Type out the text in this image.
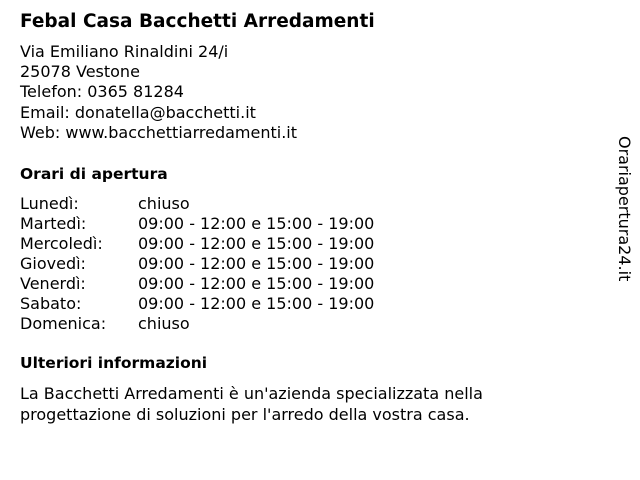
Febal Casa Bacchetti Arredamenti
Via Emiliano Rinaldini 24/i
25078 Vestone
Telefon: 0365 81284
Email: donatella@bacchetti.it
Web: www.bacchettiarredamenti.it
Orari di apertura
Lunedì:	chiuso
Martedì:	09:00 - 12:00 e 15:00 - 19:00
Mercoledì: 09:00 - 12:00 e 15:00 - 19:00
Giovedì:	09:00 - 12:00 e 15:00 - 19:00
Venerdì:	09:00 - 12:00 e 15:00 - 19:00
Sabato:	09:00 - 12:00 e 15:00 - 19:00
Domenica: chiuso
Ulteriori informazioni

La Bacchetti Arredamenti è un'azienda specializzata nella progettazione di soluzioni per l'arredo della vostra casa.

Orariapertura24.it
